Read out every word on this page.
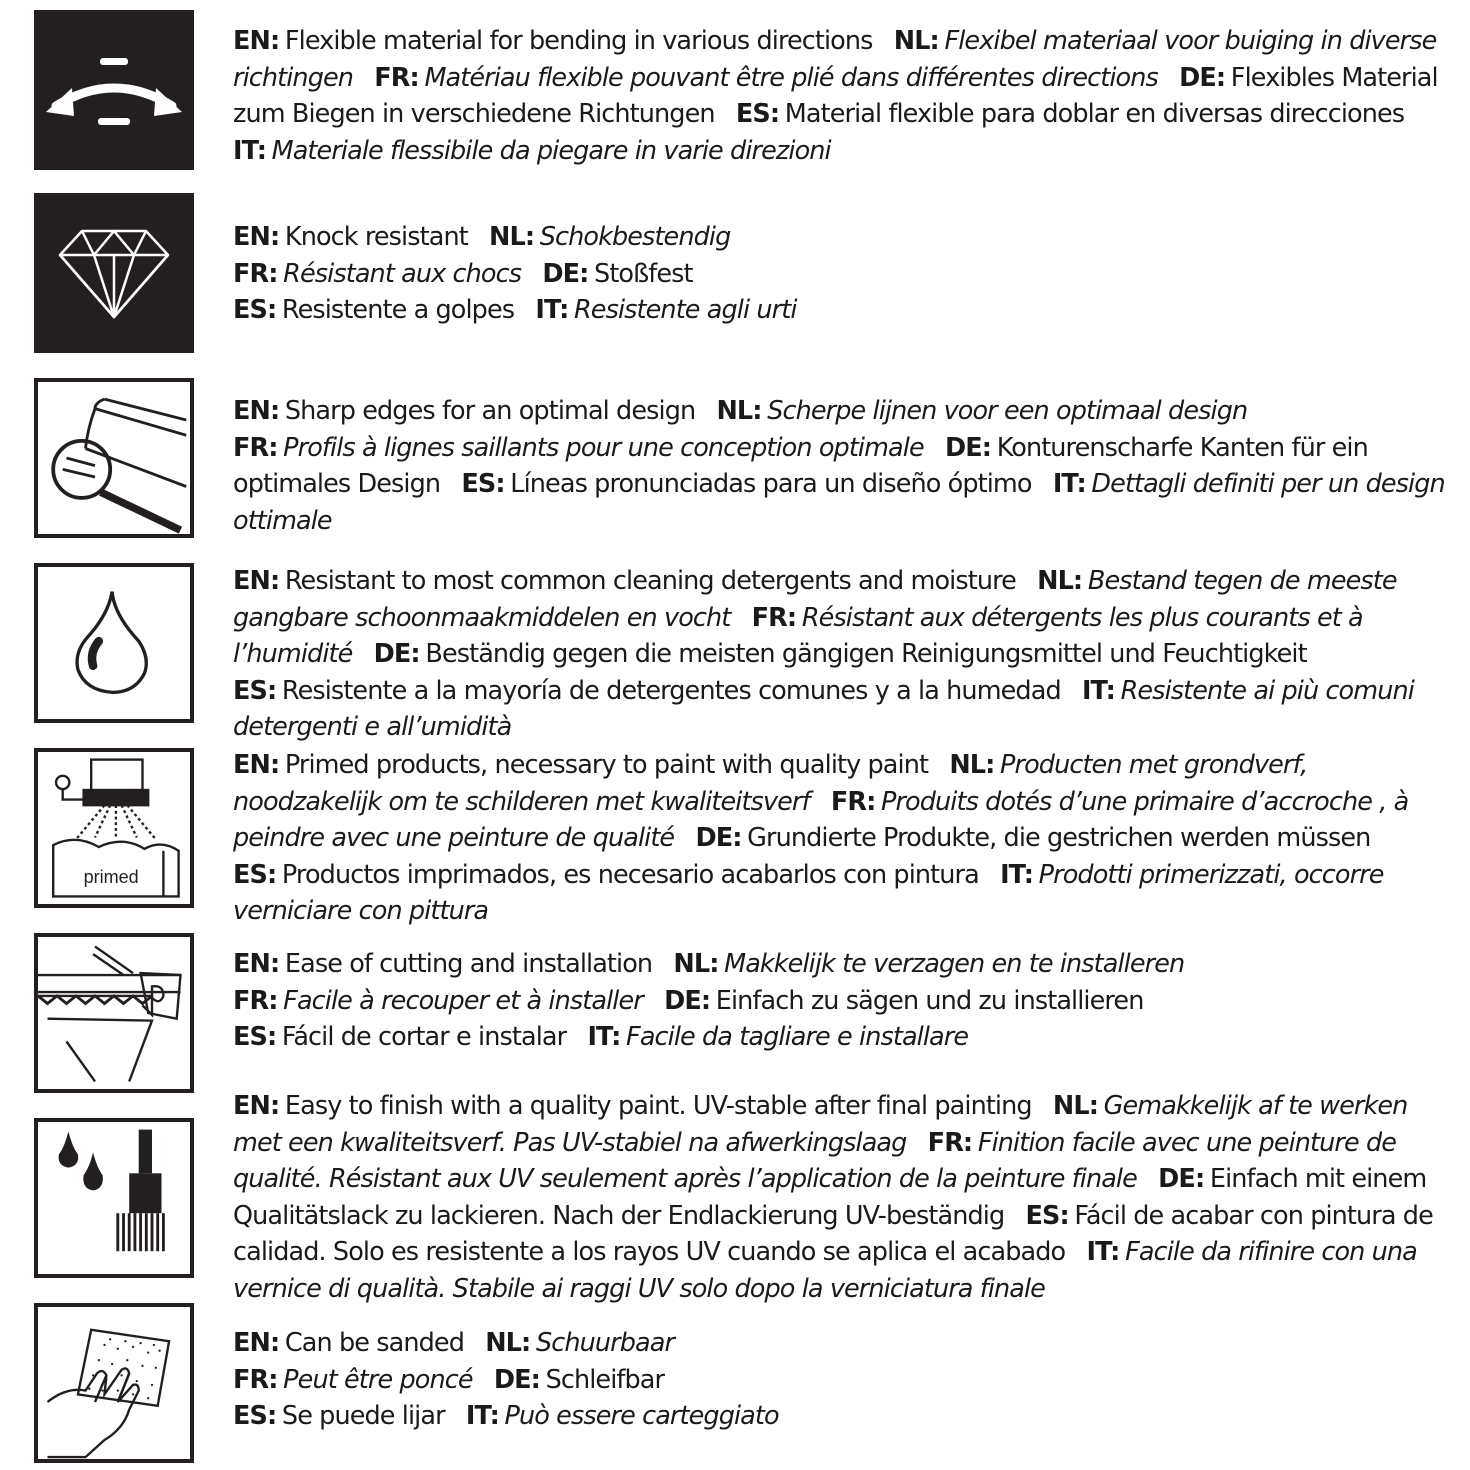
EN: Flexible material for bending in various directions NL: Flexibel materiaal voor buiging in diverse richtingen FR: Matériau flexible pouvant être plié dans différentes directions DE: Flexibles Material zum Biegen in verschiedene Richtungen ES: Material flexible para doblar en diversas direcciones IT: Materiale flessibile da piegare in varie direzioni
EN: Knock resistant NL: Schokbestendig
FR: Résistant aux chocs DE: Stoßfest
ES: Resistente a golpes IT: Resistente agli urti
EN: Sharp edges for an optimal design NL: Scherpe lijnen voor een optimaal design
FR: Profils à lignes saillants pour une conception optimale DE: Konturenscharfe Kanten für ein optimales Design ES: Líneas pronunciadas para un diseño óptimo IT: Dettagli definiti per un design ottimale
EN: Resistant to most common cleaning detergents and moisture NL: Bestand tegen de meeste gangbare schoonmaakmiddelen en vocht FR: Résistant aux détergents les plus courants et à l’humidité DE: Beständig gegen die meisten gängigen Reinigungsmittel und Feuchtigkeit ES: Resistente a la mayoría de detergentes comunes y a la humedad IT: Resistente ai più comuni detergenti e all’umidità
primed
EN: Primed products, necessary to paint with quality paint NL: Producten met grondverf, noodzakelijk om te schilderen met kwaliteitsverf FR: Produits dotés d’une primaire d’accroche , à peindre avec une peinture de qualité DE: Grundierte Produkte, die gestrichen werden müssen ES: Productos imprimados, es necesario acabarlos con pintura IT: Prodotti primerizzati, occorre verniciare con pittura
EN: Ease of cutting and installation NL: Makkelijk te verzagen en te installeren
FR: Facile à recouper et à installer DE: Einfach zu sägen und zu installieren
ES: Fácil de cortar e instalar IT: Facile da tagliare e installare
EN: Easy to finish with a quality paint. UV-stable after final painting NL: Gemakkelijk af te werken met een kwaliteitsverf. Pas UV-stabiel na afwerkingslaag FR: Finition facile avec une peinture de qualité. Résistant aux UV seulement après l’application de la peinture finale DE: Einfach mit einem Qualitätslack zu lackieren. Nach der Endlackierung UV-beständig ES: Fácil de acabar con pintura de calidad. Solo es resistente a los rayos UV cuando se aplica el acabado IT: Facile da rifinire con una vernice di qualità. Stabile ai raggi UV solo dopo la verniciatura finale
EN: Can be sanded NL: Schuurbaar
FR: Peut être poncé DE: Schleifbar
ES: Se puede lijar IT: Può essere carteggiato
